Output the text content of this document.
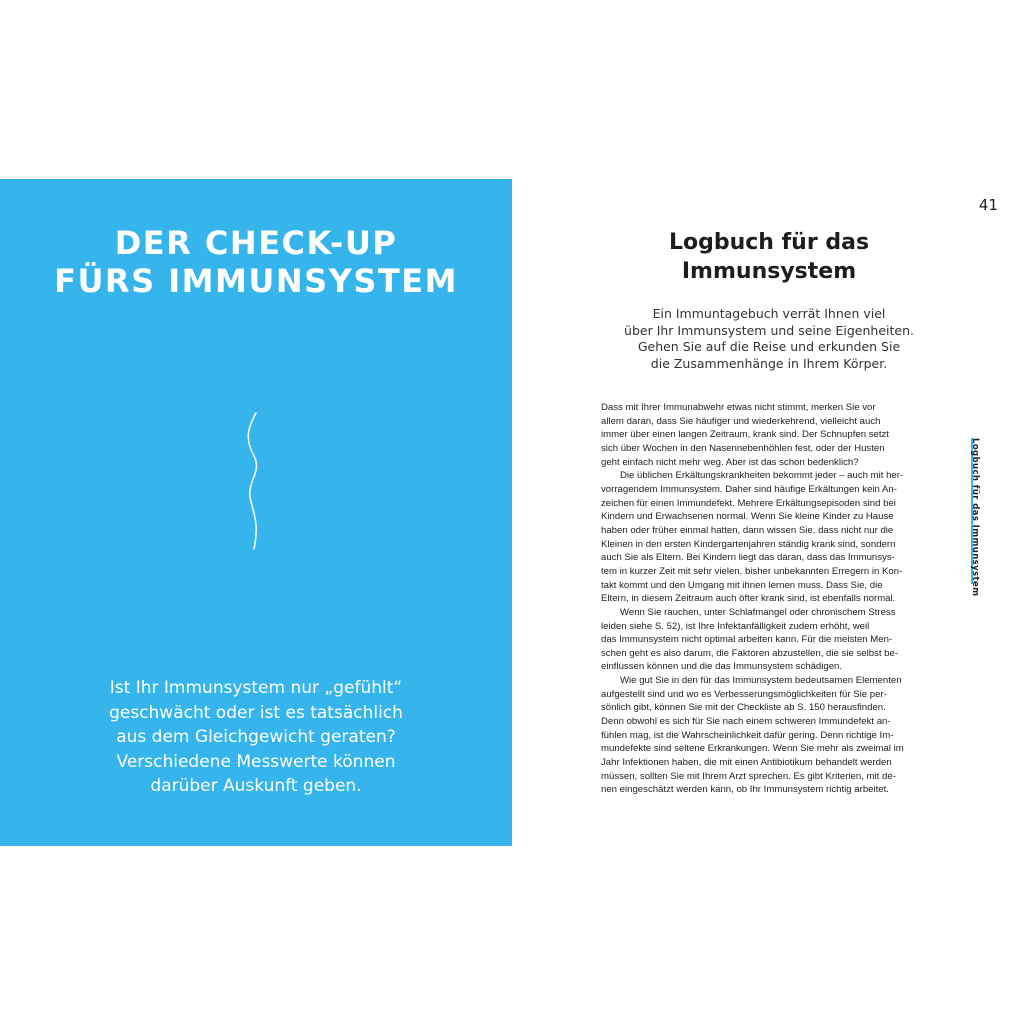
DER CHECK-UP
FÜRS IMMUNSYSTEM

Ist Ihr Immunsystem nur „gefühlt“
geschwächt oder ist es tatsächlich
aus dem Gleichgewicht geraten?
Verschiedene Messwerte können
darüber Auskunft geben.

41
Logbuch für das
Immunsystem

Ein Immuntagebuch verrät Ihnen viel
über Ihr Immunsystem und seine Eigenheiten.
Gehen Sie auf die Reise und erkunden Sie
die Zusammenhänge in Ihrem Körper.

Dass mit Ihrer Immunabwehr etwas nicht stimmt, merken Sie vor
allem daran, dass Sie häufiger und wiederkehrend, vielleicht auch
immer über einen langen Zeitraum, krank sind. Der Schnupfen setzt
sich über Wochen in den Nasennebenhöhlen fest, oder der Husten
geht einfach nicht mehr weg. Aber ist das schon bedenklich?
Die üblichen Erkältungskrankheiten bekommt jeder – auch mit her-
vorragendem Immunsystem. Daher sind häufige Erkältungen kein An-
zeichen für einen Immundefekt. Mehrere Erkältungsepisoden sind bei
Kindern und Erwachsenen normal. Wenn Sie kleine Kinder zu Hause
haben oder früher einmal hatten, dann wissen Sie, dass nicht nur die
Kleinen in den ersten Kindergartenjahren ständig krank sind, sondern
auch Sie als Eltern. Bei Kindern liegt das daran, dass das Immunsys-
tem in kurzer Zeit mit sehr vielen, bisher unbekannten Erregern in Kon-
takt kommt und den Umgang mit ihnen lernen muss. Dass Sie, die
Eltern, in diesem Zeitraum auch öfter krank sind, ist ebenfalls normal.
Wenn Sie rauchen, unter Schlafmangel oder chronischem Stress
leiden siehe S. 52), ist Ihre Infektanfälligkeit zudem erhöht, weil
das Immunsystem nicht optimal arbeiten kann. Für die meisten Men-
schen geht es also darum, die Faktoren abzustellen, die sie selbst be-
einflussen können und die das Immunsystem schädigen.
Wie gut Sie in den für das Immunsystem bedeutsamen Elementen
aufgestellt sind und wo es Verbesserungsmöglichkeiten für Sie per-
sönlich gibt, können Sie mit der Checkliste ab S. 150 herausfinden.
Denn obwohl es sich für Sie nach einem schweren Immundefekt an-
fühlen mag, ist die Wahrscheinlichkeit dafür gering. Denn richtige Im-
mundefekte sind seltene Erkrankungen. Wenn Sie mehr als zweimal im
Jahr Infektionen haben, die mit einen Antibiotikum behandelt werden
müssen, sollten Sie mit Ihrem Arzt sprechen. Es gibt Kriterien, mit de-
nen eingeschätzt werden kann, ob Ihr Immunsystem richtig arbeitet.
Logbuch für das Immunsystem
